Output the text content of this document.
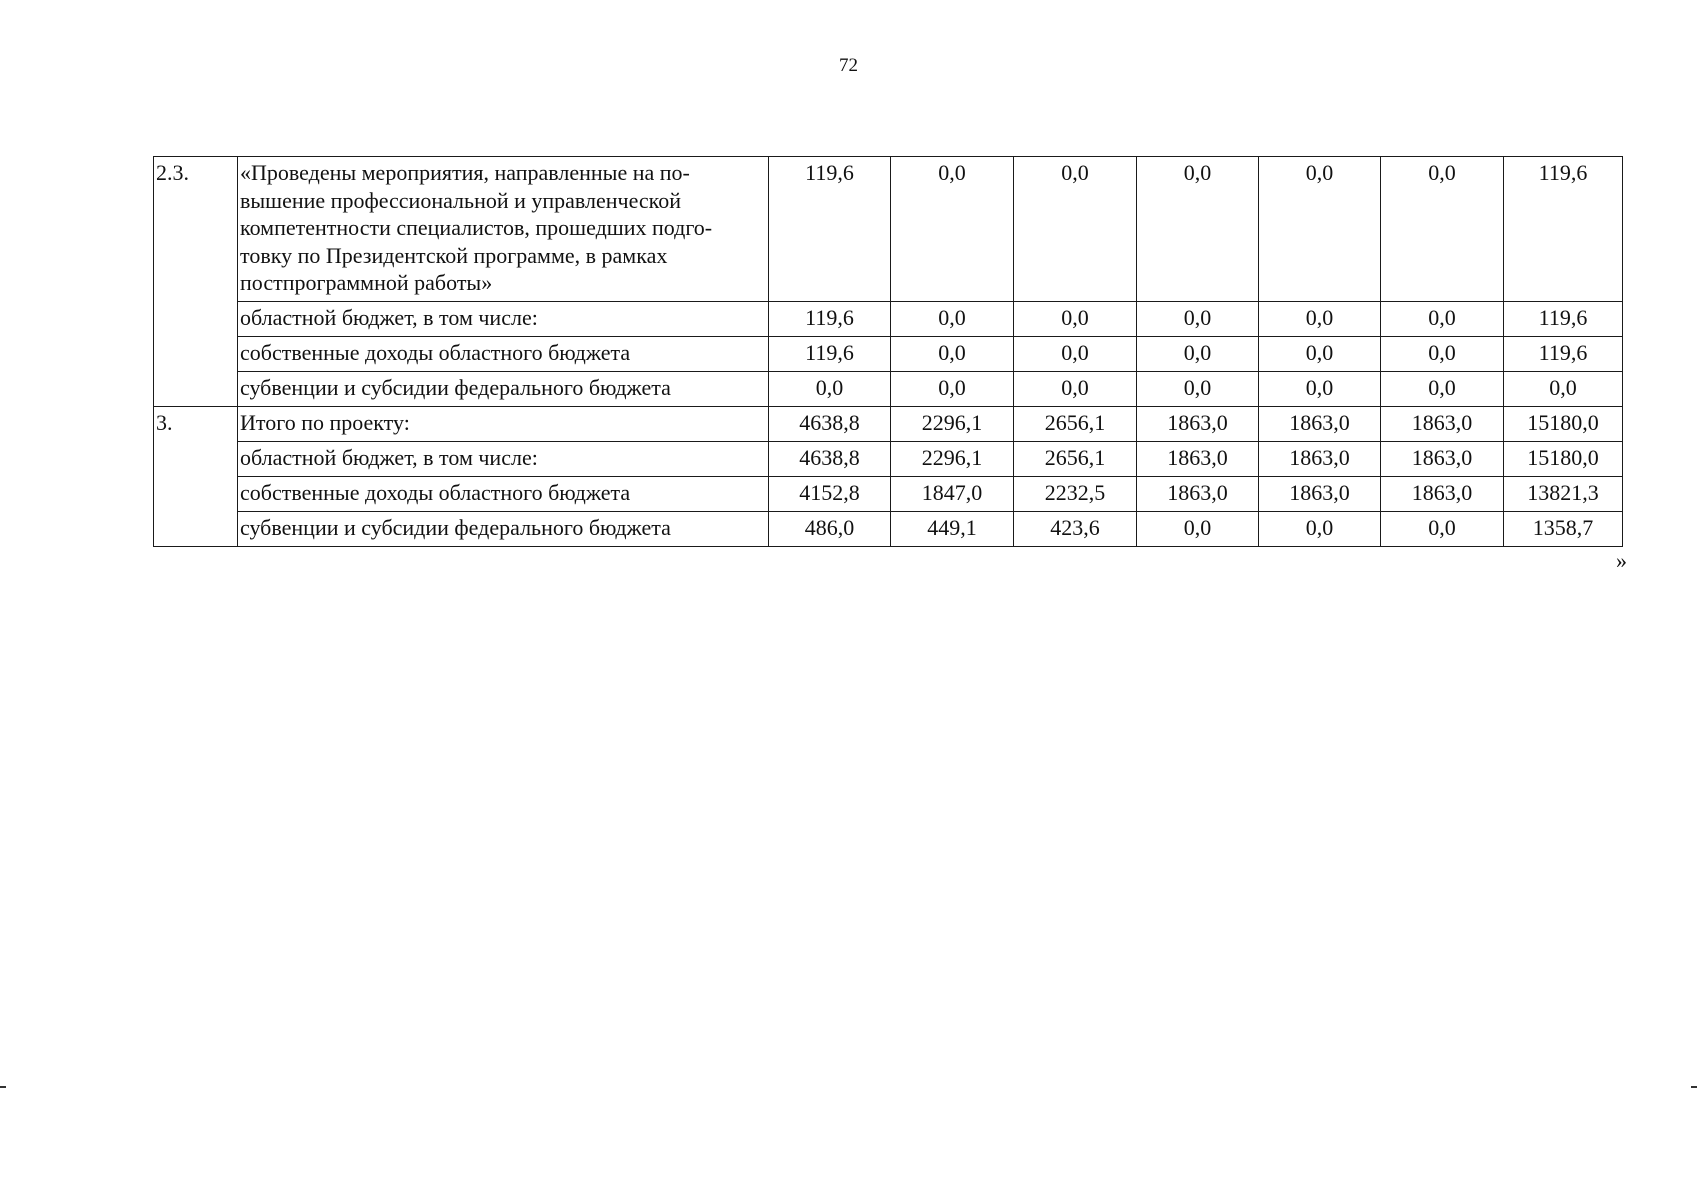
72
2.3.	«Проведены мероприятия, направленные на по-
вышение профессиональной и управленческой
компетентности специалистов, прошедших подго-
товку по Президентской программе, в рамках
постпрограммной работы»	119,6	0,0	0,0	0,0	0,0	0,0	119,6
	областной бюджет, в том числе:	119,6	0,0	0,0	0,0	0,0	0,0	119,6
	собственные доходы областного бюджета	119,6	0,0	0,0	0,0	0,0	0,0	119,6
	субвенции и субсидии федерального бюджета	0,0	0,0	0,0	0,0	0,0	0,0	0,0
3.	Итого по проекту:	4638,8	2296,1	2656,1	1863,0	1863,0	1863,0	15180,0
	областной бюджет, в том числе:	4638,8	2296,1	2656,1	1863,0	1863,0	1863,0	15180,0
	собственные доходы областного бюджета	4152,8	1847,0	2232,5	1863,0	1863,0	1863,0	13821,3
	субвенции и субсидии федерального бюджета	486,0	449,1	423,6	0,0	0,0	0,0	1358,7
»
